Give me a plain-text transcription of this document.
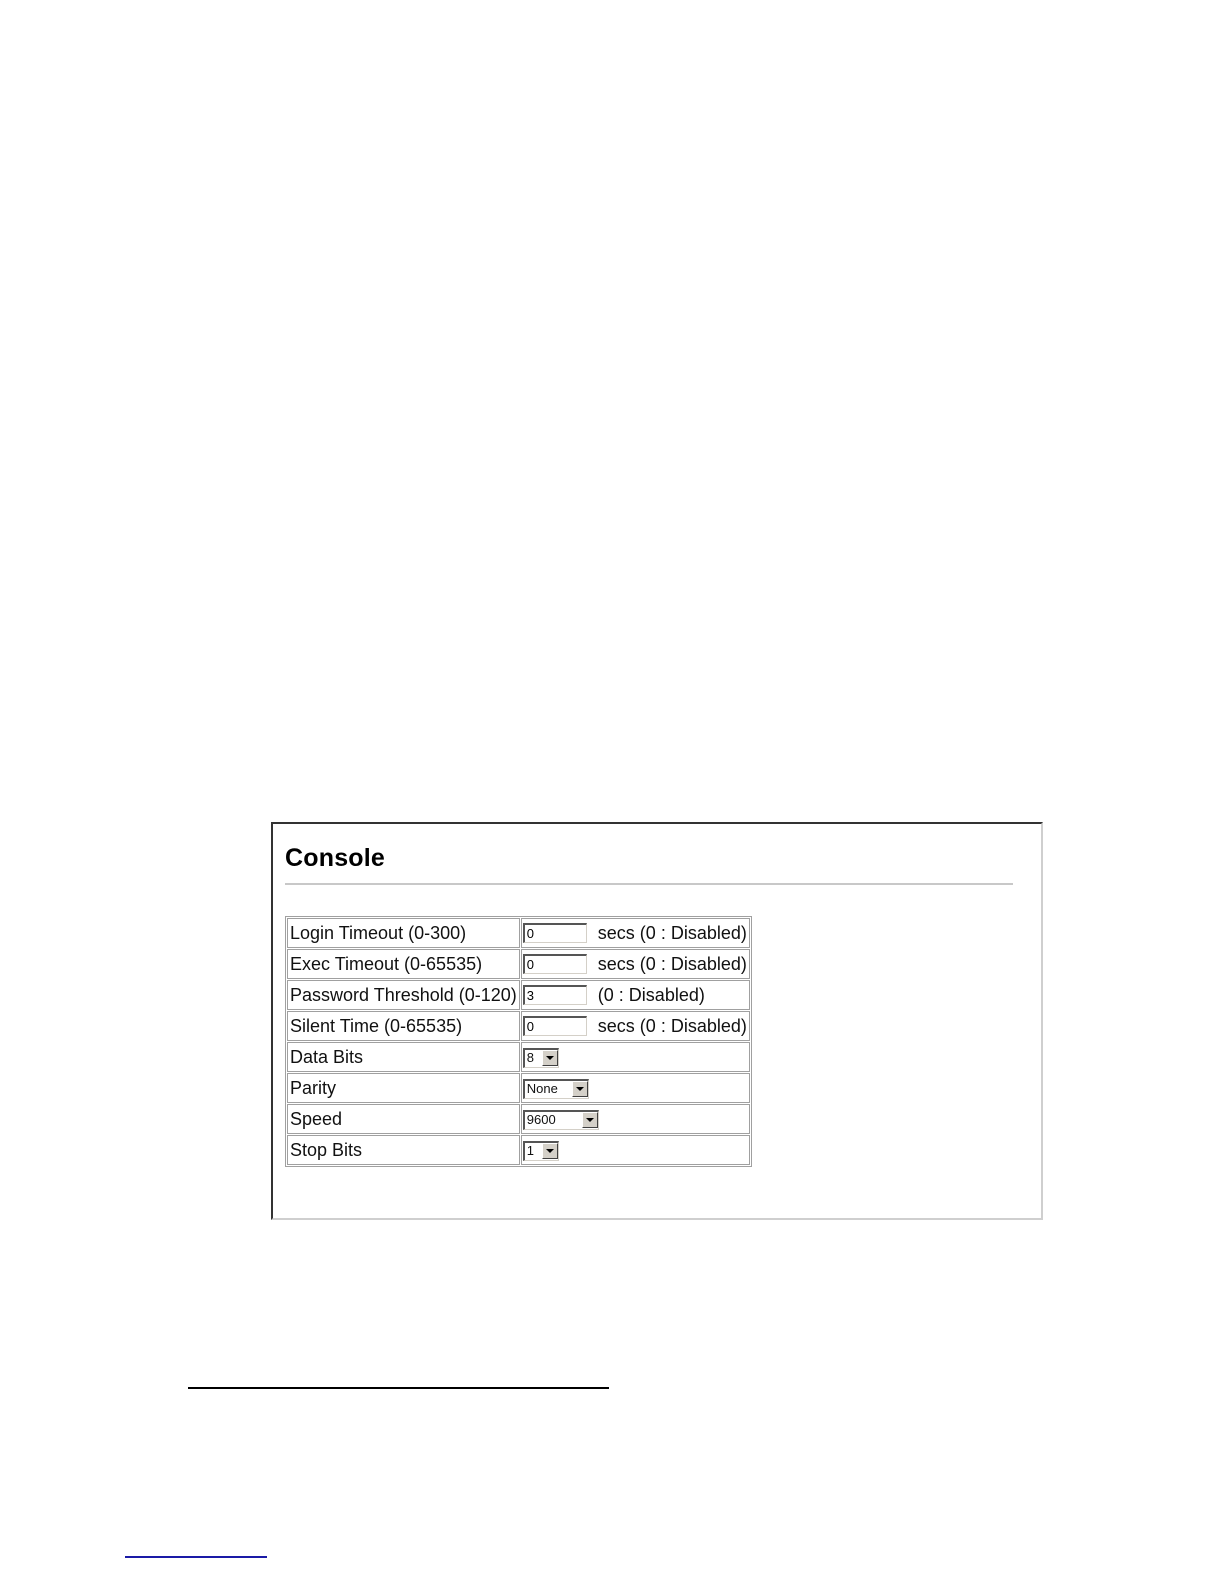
Console
Login Timeout (0-300)	0secs (0 : Disabled)
Exec Timeout (0-65535)	0secs (0 : Disabled)
Password Threshold (0-120)	3(0 : Disabled)
Silent Time (0-65535)	0secs (0 : Disabled)
Data Bits	8

Parity	None

Speed	9600

Stop Bits	1
